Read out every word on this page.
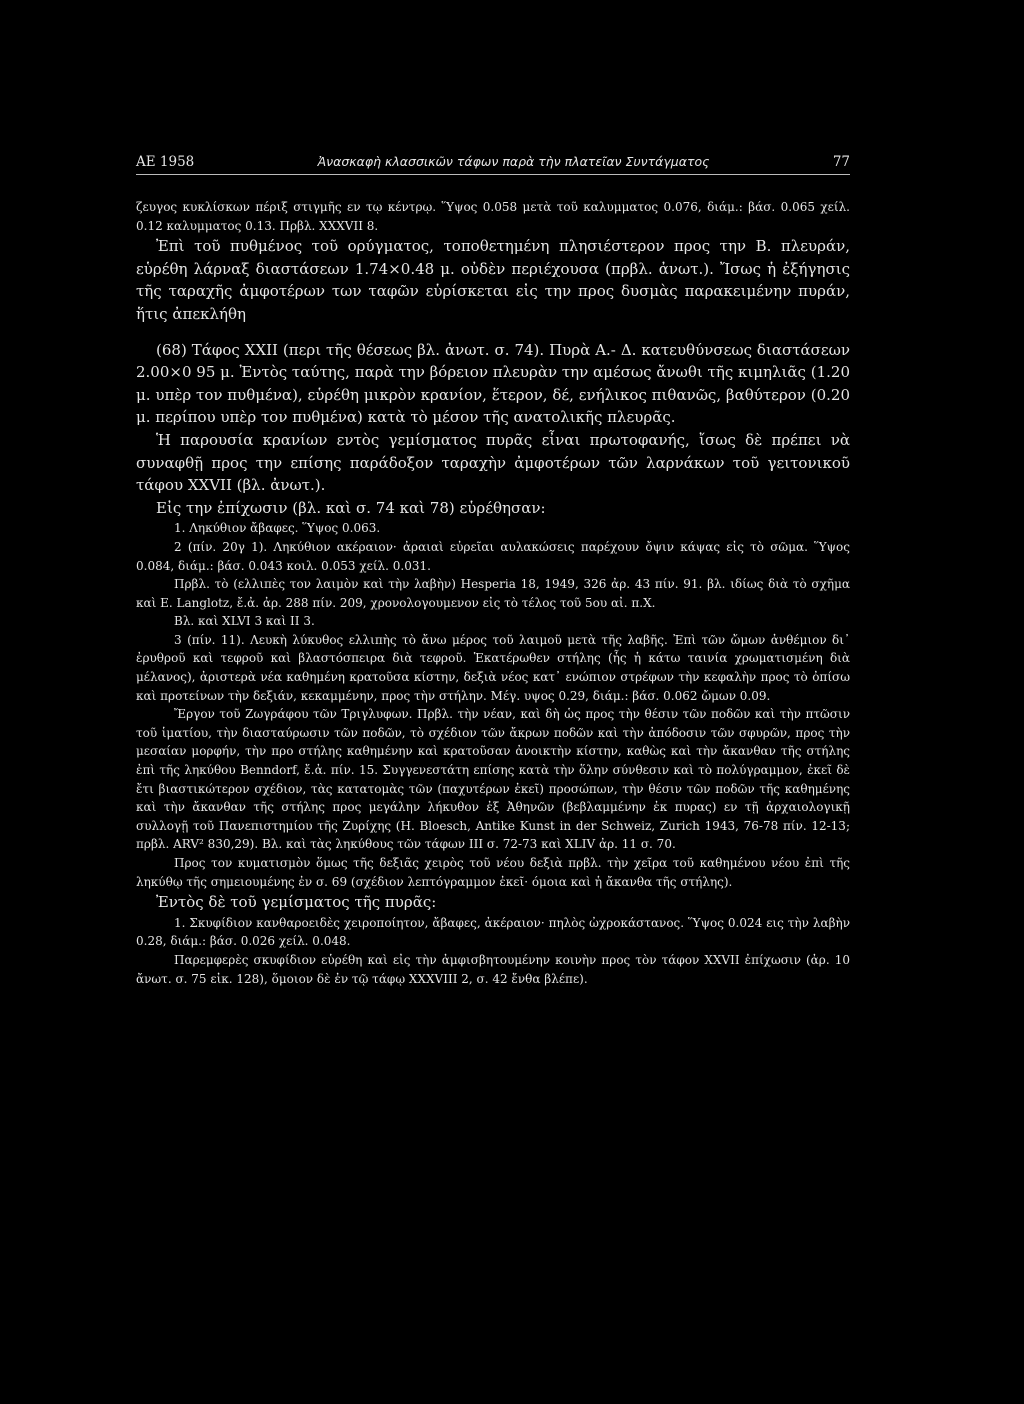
ΑΕ 1958	Ἀνασκαφὴ κλασσικῶν τάφων παρὰ τὴν πλατεῖαν Συντάγματος	77

ζευγος κυκλίσκων πέριξ στιγμῆς εν τῳ κέντρῳ. Ὕψος 0.058 μετὰ τοῦ καλυμματος 0.076, διάμ.: βάσ. 0.065 χείλ. 0.12 καλυμματος 0.13. Πρβλ. ΧΧΧVII 8.

Ἐπὶ τοῦ πυθμένος τοῦ ορύγματος, τοποθετημένη πλησιέστερον προς την Β. πλευράν, εὑρέθη λάρναξ διαστάσεων 1.74×0.48 μ. οὐδὲν περιέχουσα (πρβλ. ἀνωτ.). Ἴσως ἡ ἐξήγησις τῆς ταραχῆς ἀμφοτέρων των ταφῶν εὑρίσκεται εἰς την προς δυσμὰς παρακειμένην πυράν, ἥτις ἀπεκλήθη

(68) Τάφος ΧΧΙΙ (περι τῆς θέσεως βλ. ἀνωτ. σ. 74). Πυρὰ Α.- Δ. κατευθύνσεως διαστάσεων 2.00×0 95 μ. Ἐντὸς ταύτης, παρὰ την βόρειον πλευρὰν την αμέσως ἄνωθι τῆς κιμηλιᾶς (1.20 μ. υπὲρ τον πυθμένα), εὑρέθη μικρὸν κρανίον, ἕτερον, δέ, ενήλικος πιθανῶς, βαθύτερον (0.20 μ. περίπου υπὲρ τον πυθμένα) κατὰ τὸ μέσον τῆς ανατολικῆς πλευρᾶς.

Ἡ παρουσία κρανίων εντὸς γεμίσματος πυρᾶς εἶναι πρωτοφανής, ἴσως δὲ πρέπει νὰ συναφθῇ προς την επίσης παράδοξον ταραχὴν ἀμφοτέρων τῶν λαρνάκων τοῦ γειτονικοῦ τάφου ΧΧVII (βλ. ἀνωτ.).

Εἰς την ἐπίχωσιν (βλ. καὶ σ. 74 καὶ 78) εὑρέθησαν:

1. Ληκύθιον ἄβαφες. Ὕψος 0.063.

2 (πίν. 20γ 1). Ληκύθιον ακέραιον· ἀραιαὶ εὐρεῖαι αυλακώσεις παρέχουν ὄψιν κάψας εἰς τὸ σῶμα. Ὕψος 0.084, διάμ.: βάσ. 0.043 κοιλ. 0.053 χείλ. 0.031.

Πρβλ. τὸ (ελλιπὲς τον λαιμὸν καὶ τὴν λαβὴν) Hesperia 18, 1949, 326 ἀρ. 43 πίν. 91. βλ. ιδίως διὰ τὸ σχῆμα καὶ Ε. Langlotz, ἔ.ἀ. ἀρ. 288 πίν. 209, χρονολογουμενον εἰς τὸ τέλος τοῦ 5ου αἰ. π.Χ.

Βλ. καὶ ΧLVI 3 καὶ ΙΙ 3.

3 (πίν. 11). Λευκὴ λύκυθος ελλιπὴς τὸ ἄνω μέρος τοῦ λαιμοῦ μετὰ τῆς λαβῆς. Ἐπὶ τῶν ὤμων ἀνθέμιον δι᾽ ἐρυθροῦ καὶ τεφροῦ καὶ βλαστόσπειρα διὰ τεφροῦ. Ἑκατέρωθεν στήλης (ἧς ἡ κάτω ταινία χρωματισμένη διὰ μέλανος), ἀριστερὰ νέα καθημένη κρατοῦσα κίστην, δεξιὰ νέος κατ᾽ ενώπιον στρέφων τὴν κεφαλὴν προς τὸ ὀπίσω καὶ προτείνων τὴν δεξιάν, κεκαμμένην, προς τὴν στήλην. Μέγ. υψος 0.29, διάμ.: βάσ. 0.062 ὤμων 0.09.

Ἔργον τοῦ Ζωγράφου τῶν Τριγλυφων. Πρβλ. τὴν νέαν, καὶ δὴ ὡς προς τὴν θέσιν τῶν ποδῶν καὶ τὴν πτῶσιν τοῦ ἱματίου, τὴν διασταύρωσιν τῶν ποδῶν, τὸ σχέδιον τῶν ἄκρων ποδῶν καὶ τὴν ἀπόδοσιν τῶν σφυρῶν, προς τὴν μεσαίαν μορφήν, τὴν προ στήλης καθημένην καὶ κρατοῦσαν ἀνοικτὴν κίστην, καθὼς καὶ τὴν ἄκανθαν τῆς στήλης ἐπὶ τῆς ληκύθου Benndorf, ἔ.ἀ. πίν. 15. Συγγενεστάτη επίσης κατὰ τὴν ὅλην σύνθεσιν καὶ τὸ πολύγραμμον, ἐκεῖ δὲ ἔτι βιαστικώτερον σχέδιον, τὰς κατατομὰς τῶν (παχυτέρων ἐκεῖ) προσώπων, τὴν θέσιν τῶν ποδῶν τῆς καθημένης καὶ τὴν ἄκανθαν τῆς στήλης προς μεγάλην λήκυθον ἐξ Ἀθηνῶν (βεβλαμμένην ἐκ πυρας) εν τῇ ἀρχαιολογικῇ συλλογῇ τοῦ Πανεπιστημίου τῆς Ζυρίχης (Η. Bloesch, Antike Kunst in der Schweiz, Zurich 1943, 76-78 πίν. 12-13; πρβλ. ARV² 830,29). Βλ. καὶ τὰς ληκύθους τῶν τάφων ΙΙΙ σ. 72-73 καὶ ΧLΙV ἀρ. 11 σ. 70.

Προς τον κυματισμὸν ὅμως τῆς δεξιᾶς χειρὸς τοῦ νέου δεξιὰ πρβλ. τὴν χεῖρα τοῦ καθημένου νέου ἐπὶ τῆς ληκύθῳ τῆς σημειουμένης ἐν σ. 69 (σχέδιον λεπτόγραμμον ἐκεῖ· όμοια καὶ ἡ ἄκανθα τῆς στήλης).

Ἐντὸς δὲ τοῦ γεμίσματος τῆς πυρᾶς:

1. Σκυφίδιον κανθαροειδὲς χειροποίητον, ἄβαφες, ἀκέραιον· πηλὸς ὠχροκάστανος. Ὕψος 0.024 εις τὴν λαβὴν 0.28, διάμ.: βάσ. 0.026 χείλ. 0.048.

Παρεμφερὲς σκυφίδιον εὑρέθη καὶ εἰς τὴν ἀμφισβητουμένην κοινὴν προς τὸν τάφον ΧΧVII ἐπίχωσιν (ἀρ. 10 ἄνωτ. σ. 75 εἰκ. 128), ὅμοιον δὲ ἐν τῷ τάφῳ ΧΧΧVIII 2, σ. 42 ἔνθα βλέπε).
